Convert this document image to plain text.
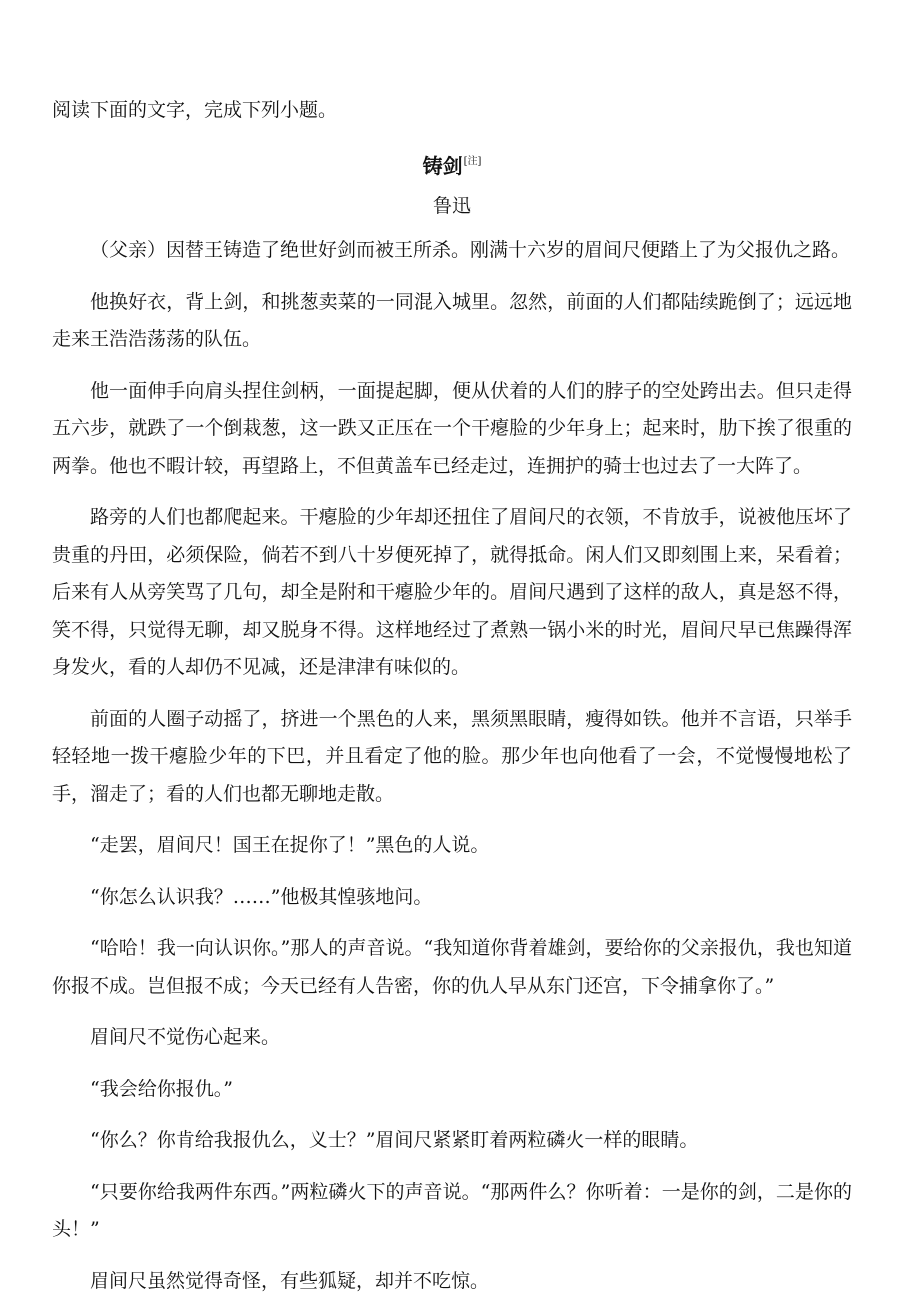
阅读下面的文字，完成下列小题。

铸剑[注]
鲁迅

（父亲）因替王铸造了绝世好剑而被王所杀。刚满十六岁的眉间尺便踏上了为父报仇之路。

他换好衣，背上剑，和挑葱卖菜的一同混入城里。忽然，前面的人们都陆续跪倒了；远远地走来王浩浩荡荡的队伍。

他一面伸手向肩头捏住剑柄，一面提起脚，便从伏着的人们的脖子的空处跨出去。但只走得五六步，就跌了一个倒栽葱，这一跌又正压在一个干瘪脸的少年身上；起来时，肋下挨了很重的两拳。他也不暇计较，再望路上，不但黄盖车已经走过，连拥护的骑士也过去了一大阵了。

路旁的人们也都爬起来。干瘪脸的少年却还扭住了眉间尺的衣领，不肯放手，说被他压坏了贵重的丹田，必须保险，倘若不到八十岁便死掉了，就得抵命。闲人们又即刻围上来，呆看着；后来有人从旁笑骂了几句，却全是附和干瘪脸少年的。眉间尺遇到了这样的敌人，真是怒不得，笑不得，只觉得无聊，却又脱身不得。这样地经过了煮熟一锅小米的时光，眉间尺早已焦躁得浑身发火，看的人却仍不见减，还是津津有味似的。

前面的人圈子动摇了，挤进一个黑色的人来，黑须黑眼睛，瘦得如铁。他并不言语，只举手轻轻地一拨干瘪脸少年的下巴，并且看定了他的脸。那少年也向他看了一会，不觉慢慢地松了手，溜走了；看的人们也都无聊地走散。

“走罢，眉间尺！国王在捉你了！”黑色的人说。

“你怎么认识我？……”他极其惶骇地问。

“哈哈！我一向认识你。”那人的声音说。“我知道你背着雄剑，要给你的父亲报仇，我也知道你报不成。岂但报不成；今天已经有人告密，你的仇人早从东门还宫，下令捕拿你了。”

眉间尺不觉伤心起来。

“我会给你报仇。”

“你么？你肯给我报仇么，义士？”眉间尺紧紧盯着两粒磷火一样的眼睛。

“只要你给我两件东西。”两粒磷火下的声音说。“那两件么？你听着：一是你的剑，二是你的头！”

眉间尺虽然觉得奇怪，有些狐疑，却并不吃惊。
